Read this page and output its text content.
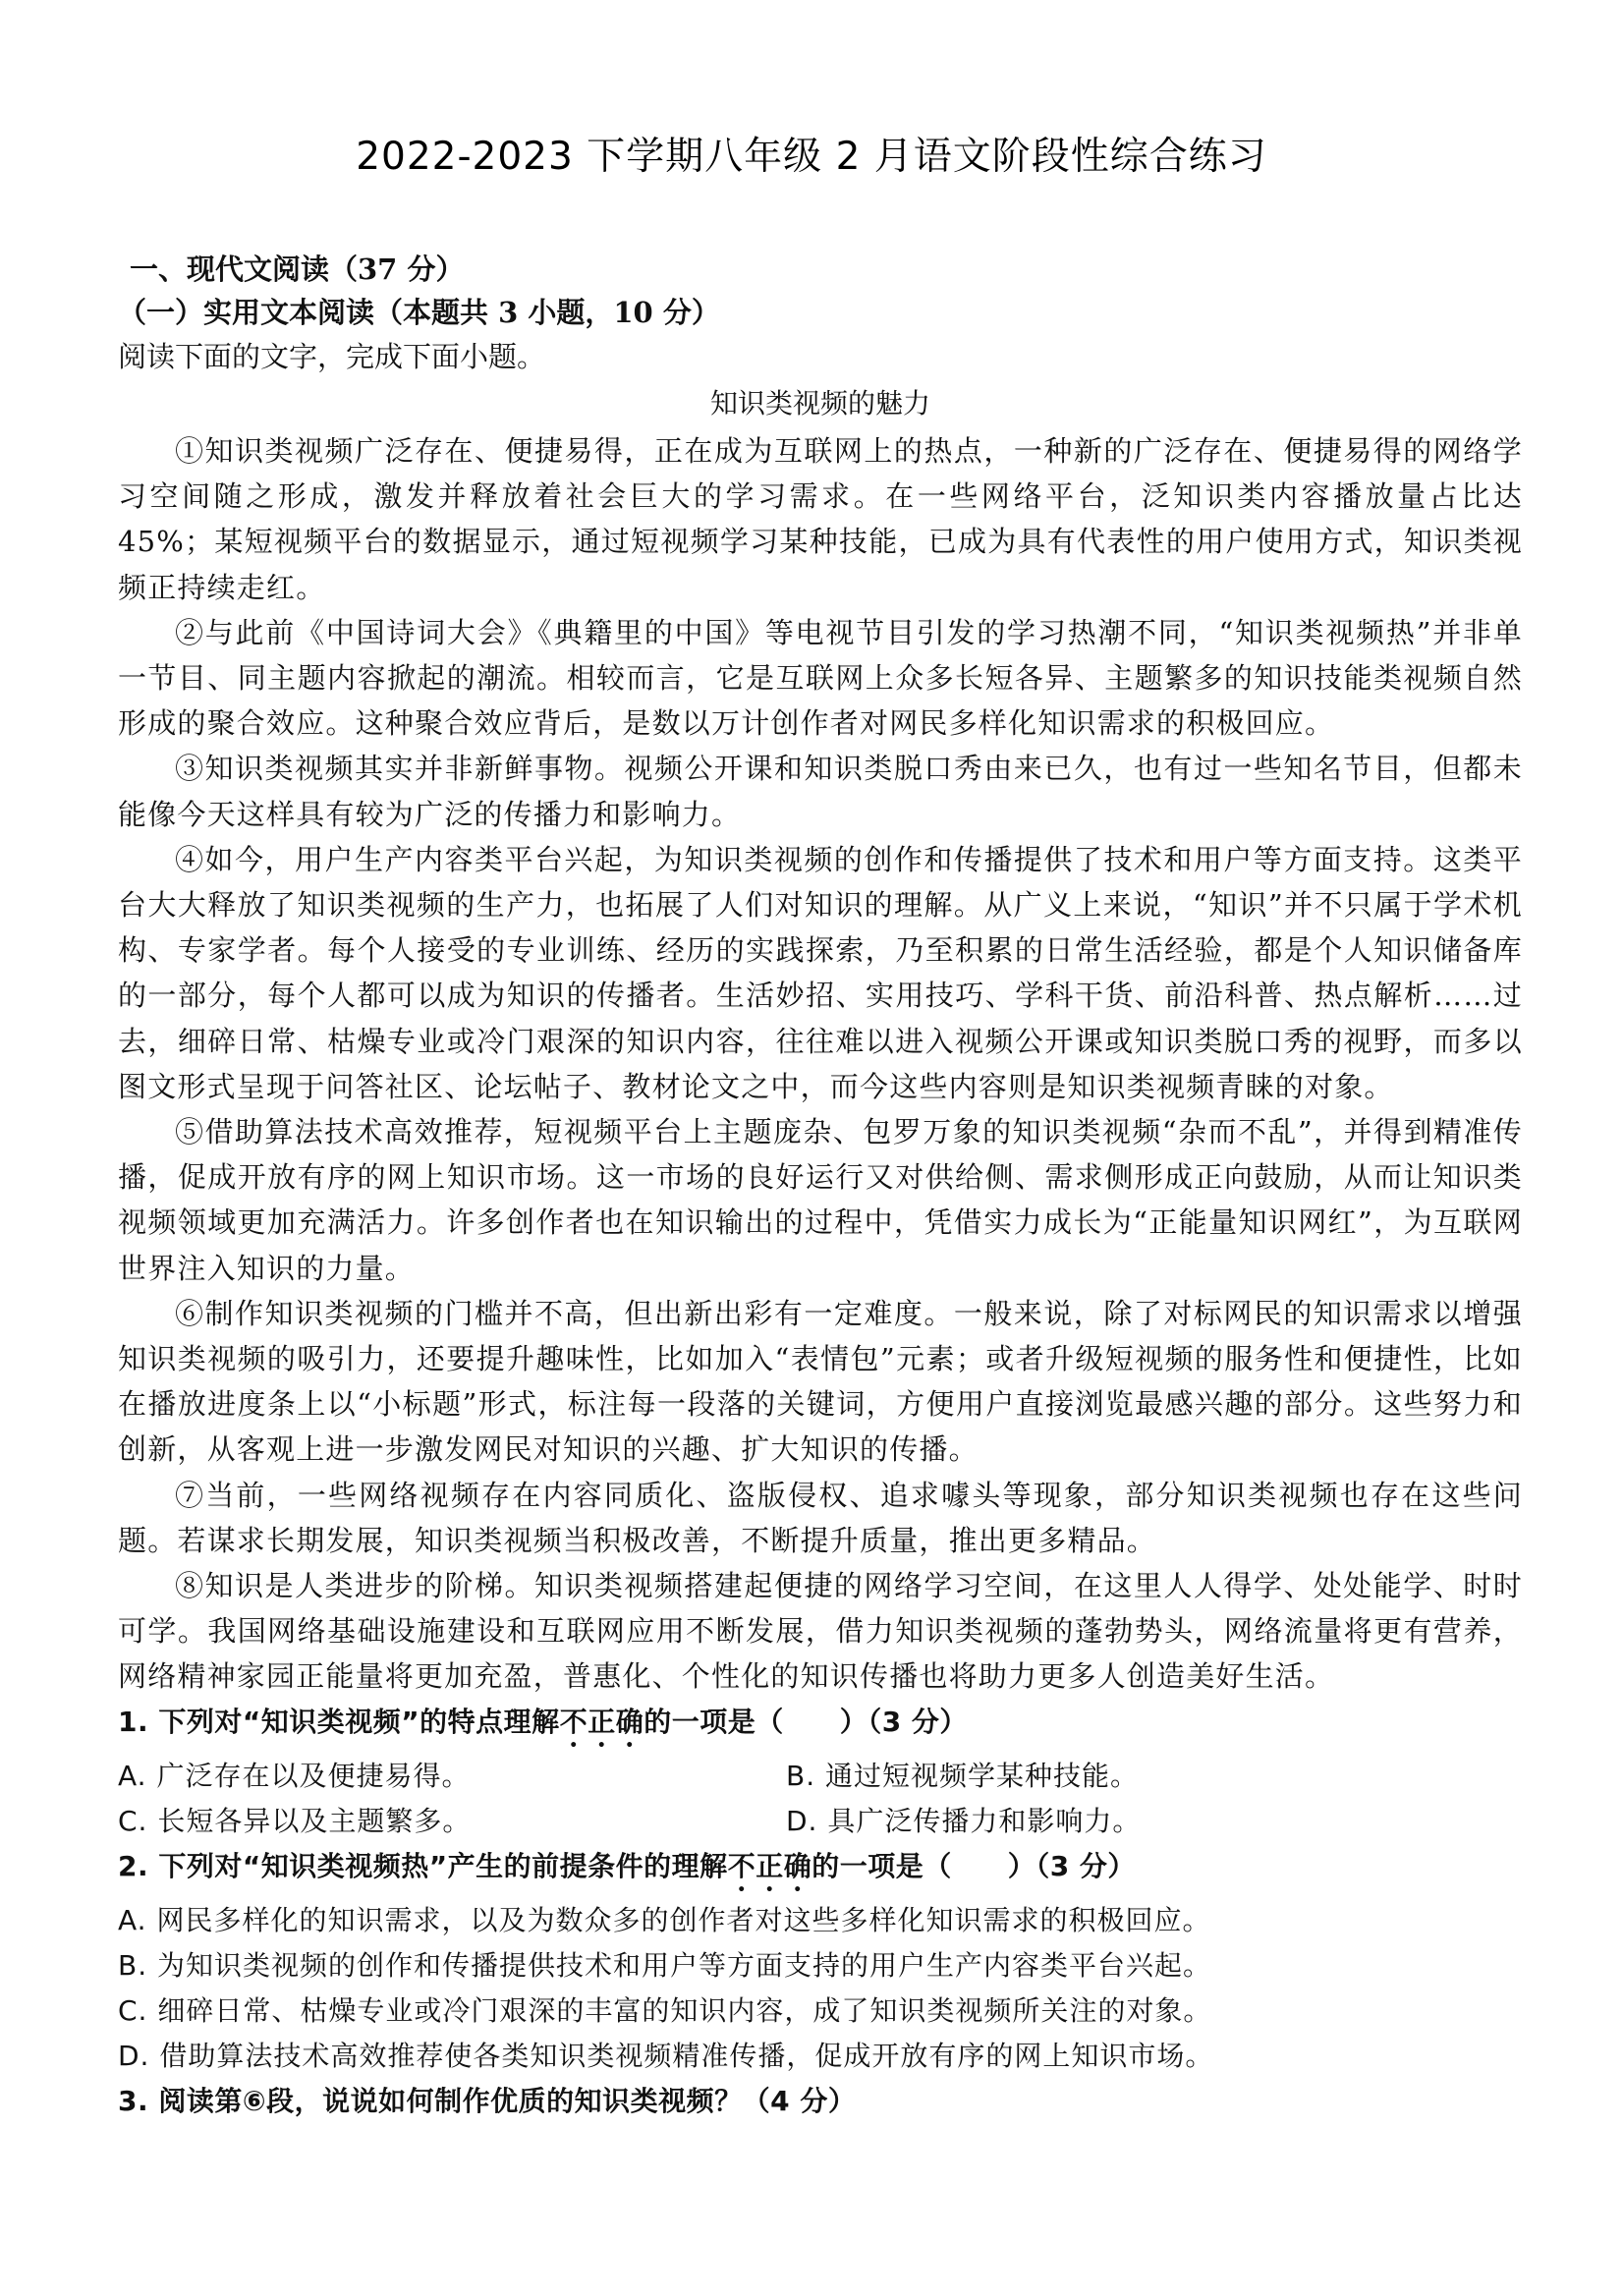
2022-2023 下学期八年级 2 月语文阶段性综合练习

一、现代文阅读（37 分）

（一）实用文本阅读（本题共 3 小题，10 分）

阅读下面的文字，完成下面小题。

知识类视频的魅力

①知识类视频广泛存在、便捷易得，正在成为互联网上的热点，一种新的广泛存在、便捷易得的网络学习空间随之形成，激发并释放着社会巨大的学习需求。在一些网络平台，泛知识类内容播放量占比达 45%；某短视频平台的数据显示，通过短视频学习某种技能，已成为具有代表性的用户使用方式，知识类视频正持续走红。

②与此前《中国诗词大会》《典籍里的中国》等电视节目引发的学习热潮不同，“知识类视频热”并非单一节目、同主题内容掀起的潮流。相较而言，它是互联网上众多长短各异、主题繁多的知识技能类视频自然形成的聚合效应。这种聚合效应背后，是数以万计创作者对网民多样化知识需求的积极回应。

③知识类视频其实并非新鲜事物。视频公开课和知识类脱口秀由来已久，也有过一些知名节目，但都未能像今天这样具有较为广泛的传播力和影响力。

④如今，用户生产内容类平台兴起，为知识类视频的创作和传播提供了技术和用户等方面支持。这类平台大大释放了知识类视频的生产力，也拓展了人们对知识的理解。从广义上来说，“知识”并不只属于学术机构、专家学者。每个人接受的专业训练、经历的实践探索，乃至积累的日常生活经验，都是个人知识储备库的一部分，每个人都可以成为知识的传播者。生活妙招、实用技巧、学科干货、前沿科普、热点解析……过去，细碎日常、枯燥专业或冷门艰深的知识内容，往往难以进入视频公开课或知识类脱口秀的视野，而多以图文形式呈现于问答社区、论坛帖子、教材论文之中，而今这些内容则是知识类视频青睐的对象。

⑤借助算法技术高效推荐，短视频平台上主题庞杂、包罗万象的知识类视频“杂而不乱”，并得到精准传播，促成开放有序的网上知识市场。这一市场的良好运行又对供给侧、需求侧形成正向鼓励，从而让知识类视频领域更加充满活力。许多创作者也在知识输出的过程中，凭借实力成长为“正能量知识网红”，为互联网世界注入知识的力量。

⑥制作知识类视频的门槛并不高，但出新出彩有一定难度。一般来说，除了对标网民的知识需求以增强知识类视频的吸引力，还要提升趣味性，比如加入“表情包”元素；或者升级短视频的服务性和便捷性，比如在播放进度条上以“小标题”形式，标注每一段落的关键词，方便用户直接浏览最感兴趣的部分。这些努力和创新，从客观上进一步激发网民对知识的兴趣、扩大知识的传播。

⑦当前，一些网络视频存在内容同质化、盗版侵权、追求噱头等现象，部分知识类视频也存在这些问题。若谋求长期发展，知识类视频当积极改善，不断提升质量，推出更多精品。

⑧知识是人类进步的阶梯。知识类视频搭建起便捷的网络学习空间，在这里人人得学、处处能学、时时可学。我国网络基础设施建设和互联网应用不断发展，借力知识类视频的蓬勃势头，网络流量将更有营养，网络精神家园正能量将更加充盈，普惠化、个性化的知识传播也将助力更多人创造美好生活。

1. 下列对“知识类视频”的特点理解不正确的一项是（　　）（3 分）

A. 广泛存在以及便捷易得。	B. 通过短视频学某种技能。
C. 长短各异以及主题繁多。	D. 具广泛传播力和影响力。

2. 下列对“知识类视频热”产生的前提条件的理解不正确的一项是（　　）（3 分）

A. 网民多样化的知识需求，以及为数众多的创作者对这些多样化知识需求的积极回应。

B. 为知识类视频的创作和传播提供技术和用户等方面支持的用户生产内容类平台兴起。

C. 细碎日常、枯燥专业或冷门艰深的丰富的知识内容，成了知识类视频所关注的对象。

D. 借助算法技术高效推荐使各类知识类视频精准传播，促成开放有序的网上知识市场。

3. 阅读第⑥段，说说如何制作优质的知识类视频？（4 分）
